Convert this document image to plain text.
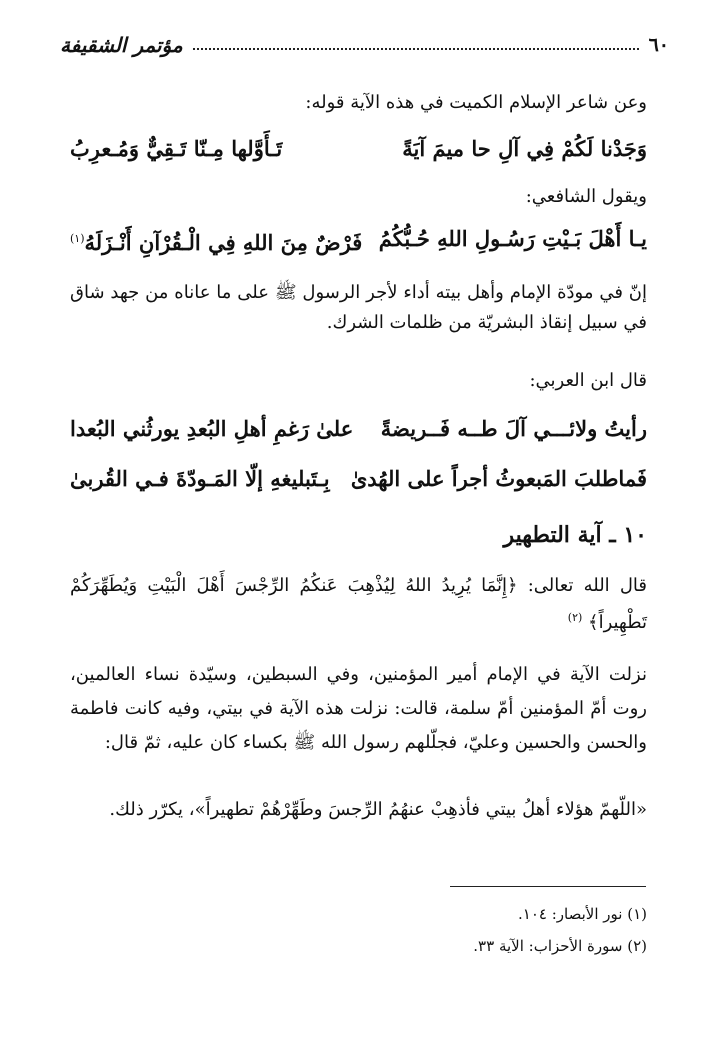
٦٠
مؤتمر الشقيفة
وعن شاعر الإسلام الكميت في هذه الآية قوله:
وَجَدْنا لَكُمْ فِي آلِ حا ميمَ آيَةً
تَـأَوَّلها مِـنّا تَـقِيٌّ وَمُـعرِبُ
ويقول الشافعي:
يـا أَهْلَ بَـيْتِ رَسُـولِ اللهِ حُـبُّكُمُ
فَرْضٌ مِنَ اللهِ فِي الْـقُرْآنِ أَنْـزَلَهُ$^{(١)}$
إنّ في مودّة الإمام وأهل بيته أداء لأجر الرسول ﷺ على ما عاناه من جهد شاق في سبيل إنقاذ البشريّة من ظلمات الشرك.
قال ابن العربي:
رأيتُ ولائـــي آلَ طــه فَــريضةً
علىٰ رَغمِ أهلِ البُعدِ يورثُني البُعدا
فَماطلبَ المَبعوثُ أجراً على الهُدىٰ
بِـتَبليغهِ إلّا المَـودّةَ فـي القُربىٰ
١٠ ـ آية التطهير
قال الله تعالى: ﴿إِنَّمَا يُرِيدُ اللهُ لِيُذْهِبَ عَنكُمُ الرِّجْسَ أَهْلَ الْبَيْتِ وَيُطَهِّرَكُمْ تَطْهِيراً﴾ $^{(٢)}$
نزلت الآية في الإمام أمير المؤمنين، وفي السبطين، وسيّدة نساء العالمين، روت أمّ المؤمنين أمّ سلمة، قالت: نزلت هذه الآية في بيتي، وفيه كانت فاطمة والحسن والحسين وعليّ، فجلّلهم رسول الله ﷺ بكساء كان عليه، ثمّ قال:
«اللّهمّ هؤلاء أهلُ بيتي فأذهِبْ عنهُمُ الرِّجسَ وطَهِّرْهُمْ تطهيراً»، يكرّر ذلك.
(١) نور الأبصار: ١٠٤.
(٢) سورة الأحزاب: الآية ٣٣.
